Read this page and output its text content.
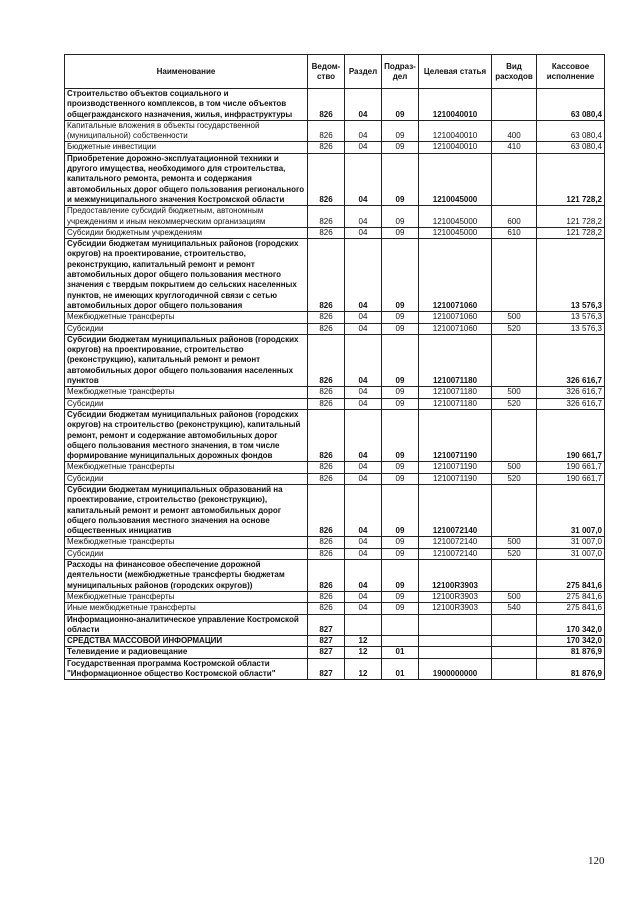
Наименование	Ведом-ство	Раздел	Подраз-дел	Целевая статья	Вид расходов	Кассовое исполнение
Строительство объектов социального и производственного комплексов, в том числе объектов общегражданского назначения, жилья, инфраструктуры	826	04	09	1210040010		63 080,4
Капитальные вложения в объекты государственной (муниципальной) собственности	826	04	09	1210040010	400	63 080,4
Бюджетные инвестиции	826	04	09	1210040010	410	63 080,4
Приобретение дорожно-эксплуатационной техники и другого имущества, необходимого для строительства, капитального ремонта, ремонта и содержания автомобильных дорог общего пользования регионального и межмуниципального значения Костромской области	826	04	09	1210045000		121 728,2
Предоставление субсидий бюджетным, автономным учреждениям и иным некоммерческим организациям	826	04	09	1210045000	600	121 728,2
Субсидии бюджетным учреждениям	826	04	09	1210045000	610	121 728,2
Субсидии бюджетам муниципальных районов (городских округов) на проектирование, строительство, реконструкцию, капитальный ремонт и ремонт автомобильных дорог общего пользования местного значения с твердым покрытием до сельских населенных пунктов, не имеющих круглогодичной связи с сетью автомобильных дорог общего пользования	826	04	09	1210071060		13 576,3
Межбюджетные трансферты	826	04	09	1210071060	500	13 576,3
Субсидии	826	04	09	1210071060	520	13 576,3
Субсидии бюджетам муниципальных районов (городских округов) на проектирование, строительство (реконструкцию), капитальный ремонт и ремонт автомобильных дорог общего пользования населенных пунктов	826	04	09	1210071180		326 616,7
Межбюджетные трансферты	826	04	09	1210071180	500	326 616,7
Субсидии	826	04	09	1210071180	520	326 616,7
Субсидии бюджетам муниципальных районов (городских округов) на строительство (реконструкцию), капитальный ремонт, ремонт и содержание автомобильных дорог общего пользования местного значения, в том числе формирование муниципальных дорожных фондов	826	04	09	1210071190		190 661,7
Межбюджетные трансферты	826	04	09	1210071190	500	190 661,7
Субсидии	826	04	09	1210071190	520	190 661,7
Субсидии бюджетам муниципальных образований на проектирование, строительство (реконструкцию), капитальный ремонт и ремонт автомобильных дорог общего пользования местного значения на основе общественных инициатив	826	04	09	1210072140		31 007,0
Межбюджетные трансферты	826	04	09	1210072140	500	31 007,0
Субсидии	826	04	09	1210072140	520	31 007,0
Расходы на финансовое обеспечение дорожной деятельности (межбюджетные трансферты бюджетам муниципальных районов (городских округов))	826	04	09	12100R3903		275 841,6
Межбюджетные трансферты	826	04	09	12100R3903	500	275 841,6
Иные межбюджетные трансферты	826	04	09	12100R3903	540	275 841,6
Информационно-аналитическое управление Костромской области	827					170 342,0
СРЕДСТВА МАССОВОЙ ИНФОРМАЦИИ	827	12				170 342,0
Телевидение и радиовещание	827	12	01			81 876,9
Государственная программа Костромской области "Информационное общество Костромской области"	827	12	01	1900000000		81 876,9
120
